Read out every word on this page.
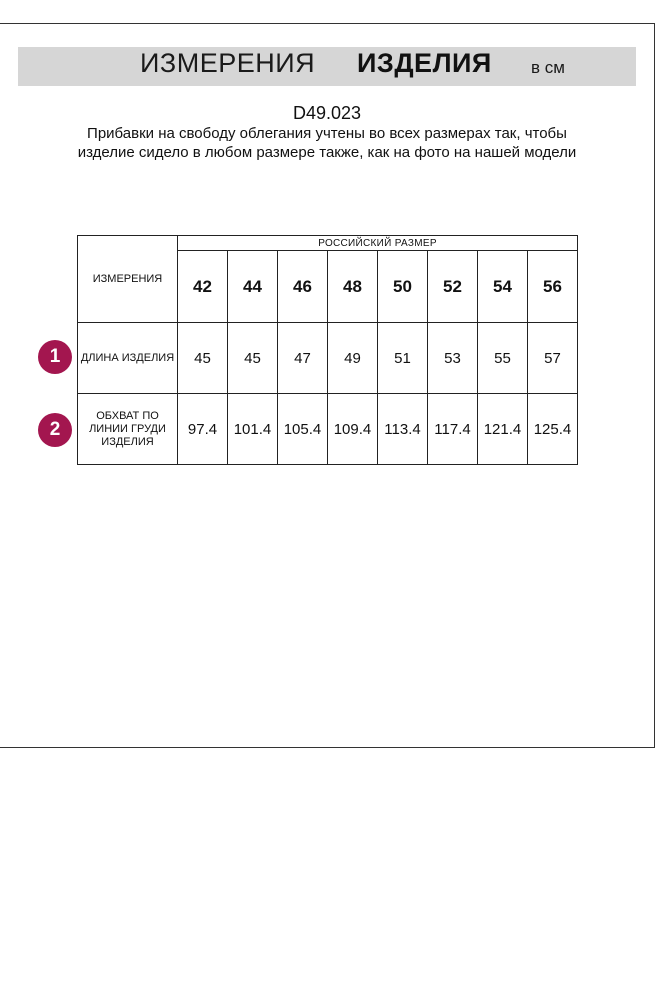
ИЗМЕРЕНИЯ ИЗДЕЛИЯ в см
D49.023
Прибавки на свободу облегания учтены во всех размерах так, чтобы изделие сидело в любом размере также, как на фото на нашей модели
ИЗМЕРЕНИЯ	РОССИЙСКИЙ РАЗМЕР							
	42	44	46	48	50	52	54	56
ДЛИНА ИЗДЕЛИЯ	45	45	47	49	51	53	55	57
ОБХВАТ ПО ЛИНИИ ГРУДИ ИЗДЕЛИЯ	97.4	101.4	105.4	109.4	113.4	117.4	121.4	125.4
1
2
